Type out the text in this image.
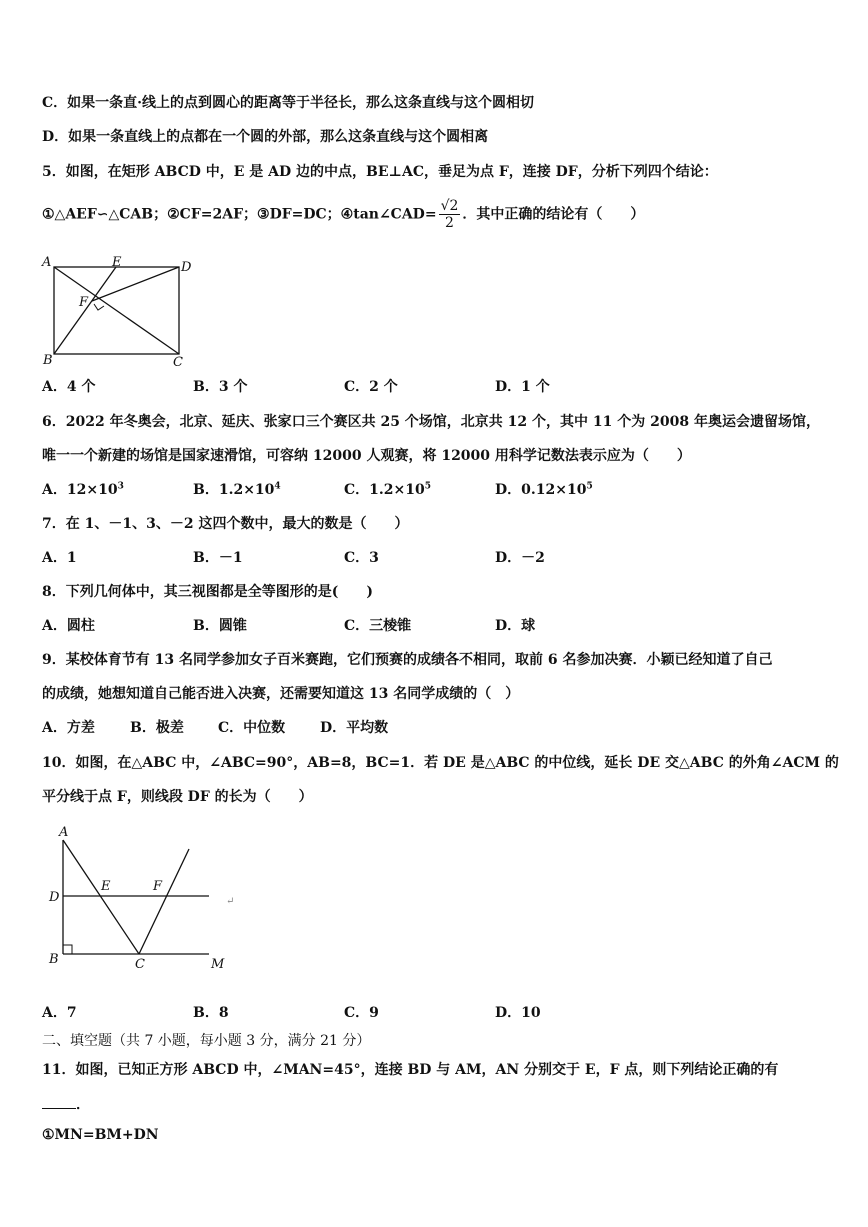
C．如果一条直·线上的点到圆心的距离等于半径长，那么这条直线与这个圆相切
D．如果一条直线上的点都在一个圆的外部，那么这条直线与这个圆相离
5．如图，在矩形 ABCD 中，E 是 AD 边的中点，BE⊥AC，垂足为点 F，连接 DF，分析下列四个结论：
①△AEF∽△CAB；②CF=2AF；③DF=DC；④tan∠CAD= $\frac{√2}{2}$ ．其中正确的结论有（　　）
A	E	D
F
B	C
A．4 个	B．3 个	C．2 个	D．1 个
6．2022 年冬奥会，北京、延庆、张家口三个赛区共 25 个场馆，北京共 12 个，其中 11 个为 2008 年奥运会遗留场馆，
唯一一个新建的场馆是国家速滑馆，可容纳 12000 人观赛，将 12000 用科学记数法表示应为（　　）
A．$12\times 10^3$	B．$1.2\times 10^4$	C．$1.2\times 10^5$	D．$0.12\times 10^5$
7．在 1、－1、3、－2 这四个数中，最大的数是（　　）
A．1	B．－1	C．3	D．－2
8．下列几何体中，其三视图都是全等图形的是(　　)
A．圆柱	B．圆锥	C．三棱锥	D．球
9．某校体育节有 13 名同学参加女子百米赛跑，它们预赛的成绩各不相同，取前 6 名参加决赛．小颖已经知道了自己
的成绩，她想知道自己能否进入决赛，还需要知道这 13 名同学成绩的（　）
A．方差	B．极差 C．中位数 D．平均数
10．如图，在△ABC 中，∠ABC=90°，AB=8，BC=1．若 DE 是△ABC 的中位线，延长 DE 交△ABC 的外角∠ACM 的
平分线于点 F，则线段 DF 的长为（　　）
A
D
E	F
B	C	M
↵
A．7	B．8	C．9	D．10
二、填空题（共 7 小题，每小题 3 分，满分 21 分）
11．如图，已知正方形 ABCD 中，∠MAN=45°，连接 BD 与 AM，AN 分别交于 E，F 点，则下列结论正确的有
．
①MN=BM+DN
